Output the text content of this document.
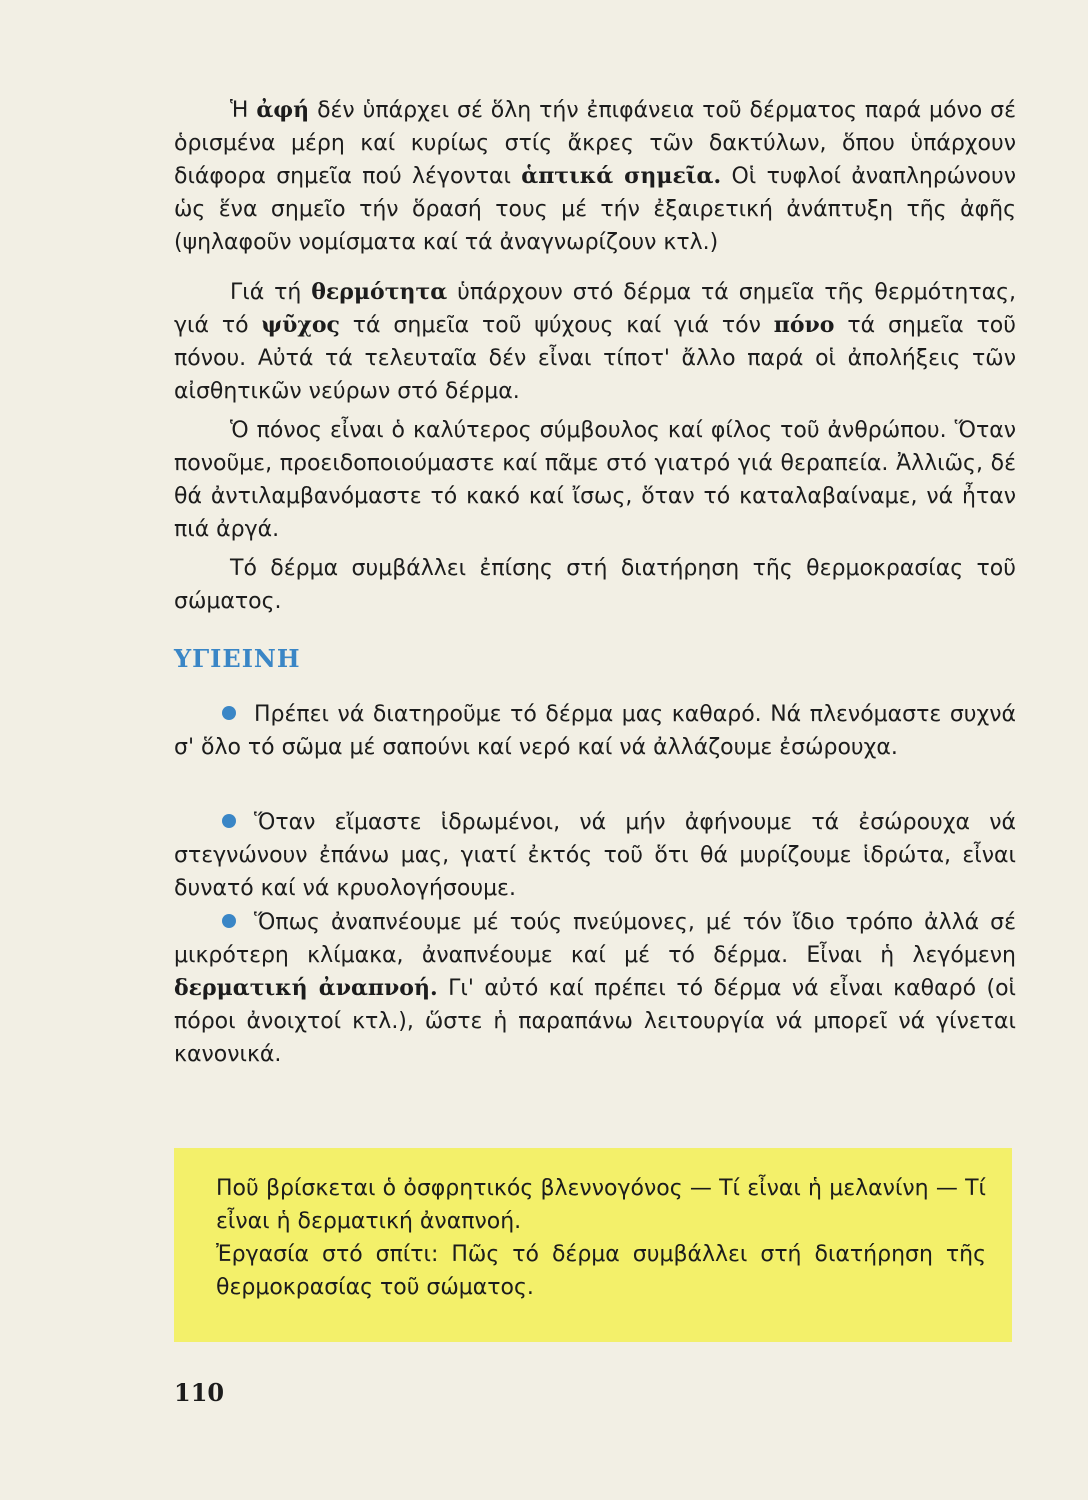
Ἡ ἀφή δέν ὑπάρχει σέ ὅλη τήν ἐπιφάνεια τοῦ δέρματος παρά μόνο σέ ὁρισμένα μέρη καί κυρίως στίς ἄκρες τῶν δακτύλων, ὅπου ὑπάρχουν διάφορα σημεῖα πού λέγονται ἁπτικά σημεῖα. Οἱ τυφλοί ἀναπληρώνουν ὡς ἕνα σημεῖο τήν ὅρασή τους μέ τήν ἐξαιρετική ἀνάπτυξη τῆς ἀφῆς (ψηλαφοῦν νομίσματα καί τά ἀναγνωρίζουν κτλ.)

Γιά τή θερμότητα ὑπάρχουν στό δέρμα τά σημεῖα τῆς θερμότητας, γιά τό ψῦχος τά σημεῖα τοῦ ψύχους καί γιά τόν πόνο τά σημεῖα τοῦ πόνου. Αὐτά τά τελευταῖα δέν εἶναι τίποτ' ἄλλο παρά οἱ ἀπολήξεις τῶν αἰσθητικῶν νεύρων στό δέρμα.

Ὁ πόνος εἶναι ὁ καλύτερος σύμβουλος καί φίλος τοῦ ἀνθρώπου. Ὅταν πονοῦμε, προειδοποιούμαστε καί πᾶμε στό γιατρό γιά θεραπεία. Ἀλλιῶς, δέ θά ἀντιλαμβανόμαστε τό κακό καί ἴσως, ὅταν τό καταλαβαίναμε, νά ἦταν πιά ἀργά.

Τό δέρμα συμβάλλει ἐπίσης στή διατήρηση τῆς θερμοκρασίας τοῦ σώματος.

ΥΓΙΕΙΝΗ

Πρέπει νά διατηροῦμε τό δέρμα μας καθαρό. Νά πλενόμαστε συχνά σ' ὅλο τό σῶμα μέ σαπούνι καί νερό καί νά ἀλλάζουμε ἐσώρουχα.

Ὅταν εἴμαστε ἱδρωμένοι, νά μήν ἀφήνουμε τά ἐσώρουχα νά στεγνώνουν ἐπάνω μας, γιατί ἐκτός τοῦ ὅτι θά μυρίζουμε ἱδρώτα, εἶναι δυνατό καί νά κρυολογήσουμε.

Ὅπως ἀναπνέουμε μέ τούς πνεύμονες, μέ τόν ἴδιο τρόπο ἀλλά σέ μικρότερη κλίμακα, ἀναπνέουμε καί μέ τό δέρμα. Εἶναι ἡ λεγόμενη δερματική ἀναπνοή. Γι' αὐτό καί πρέπει τό δέρμα νά εἶναι καθαρό (οἱ πόροι ἀνοιχτοί κτλ.), ὥστε ἡ παραπάνω λειτουργία νά μπορεῖ νά γίνεται κανονικά.

Ποῦ βρίσκεται ὁ ὀσφρητικός βλεννογόνος — Τί εἶναι ἡ μελανίνη — Τί εἶναι ἡ δερματική ἀναπνοή.
Ἐργασία στό σπίτι: Πῶς τό δέρμα συμβάλλει στή διατήρηση τῆς θερμοκρασίας τοῦ σώματος.
110
